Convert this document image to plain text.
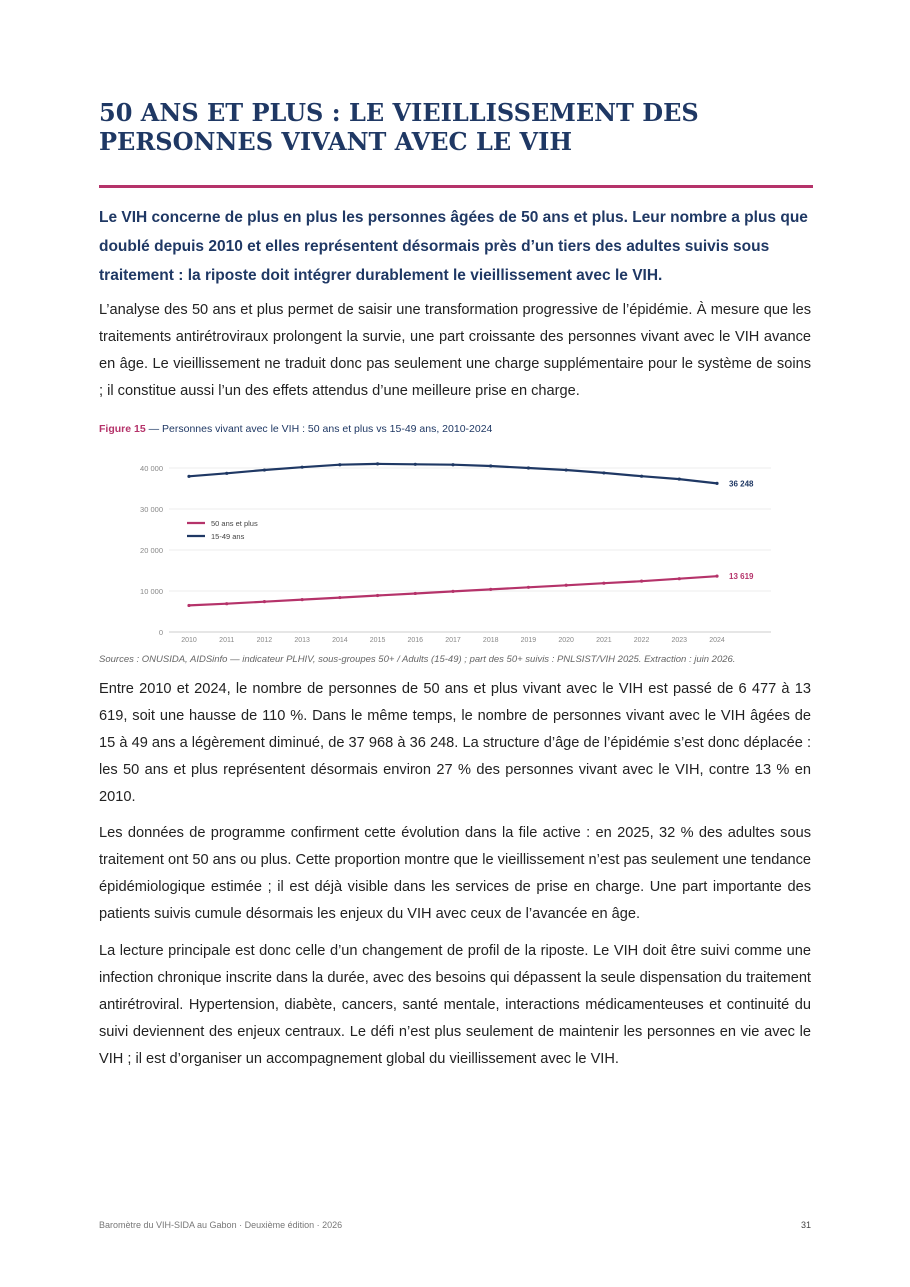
50 ANS ET PLUS : LE VIEILLISSEMENT DES PERSONNES VIVANT AVEC LE VIH

Le VIH concerne de plus en plus les personnes âgées de 50 ans et plus. Leur nombre a plus que doublé depuis 2010 et elles représentent désormais près d’un tiers des adultes suivis sous traitement : la riposte doit intégrer durablement le vieillissement avec le VIH.

L’analyse des 50 ans et plus permet de saisir une transformation progressive de l’épidémie. À mesure que les traitements antirétroviraux prolongent la survie, une part croissante des personnes vivant avec le VIH avance en âge. Le vieillissement ne traduit donc pas seulement une charge supplémentaire pour le système de soins ; il constitue aussi l’un des effets attendus d’une meilleure prise en charge.

Figure 15 — Personnes vivant avec le VIH : 50 ans et plus vs 15-49 ans, 2010-2024

0
10 000
20 000
30 000
40 000
2010	2011	2012	2013	2014	2015	2016	2017	2018	2019	2020	2021	2022	2023	2024
13 619
36 248
50 ans et plus
15-49 ans

Sources : ONUSIDA, AIDSinfo — indicateur PLHIV, sous-groupes 50+ / Adults (15-49) ; part des 50+ suivis : PNLSIST/VIH 2025. Extraction : juin 2026.

Entre 2010 et 2024, le nombre de personnes de 50 ans et plus vivant avec le VIH est passé de 6 477 à 13 619, soit une hausse de 110 %. Dans le même temps, le nombre de personnes vivant avec le VIH âgées de 15 à 49 ans a légèrement diminué, de 37 968 à 36 248. La structure d’âge de l’épidémie s’est donc déplacée : les 50 ans et plus représentent désormais environ 27 % des personnes vivant avec le VIH, contre 13 % en 2010.

Les données de programme confirment cette évolution dans la file active : en 2025, 32 % des adultes sous traitement ont 50 ans ou plus. Cette proportion montre que le vieillissement n’est pas seulement une tendance épidémiologique estimée ; il est déjà visible dans les services de prise en charge. Une part importante des patients suivis cumule désormais les enjeux du VIH avec ceux de l’avancée en âge.

La lecture principale est donc celle d’un changement de profil de la riposte. Le VIH doit être suivi comme une infection chronique inscrite dans la durée, avec des besoins qui dépassent la seule dispensation du traitement antirétroviral. Hypertension, diabète, cancers, santé mentale, interactions médicamenteuses et continuité du suivi deviennent des enjeux centraux. Le défi n’est plus seulement de maintenir les personnes en vie avec le VIH ; il est d’organiser un accompagnement global du vieillissement avec le VIH.

Baromètre du VIH-SIDA au Gabon · Deuxième édition · 2026	31
